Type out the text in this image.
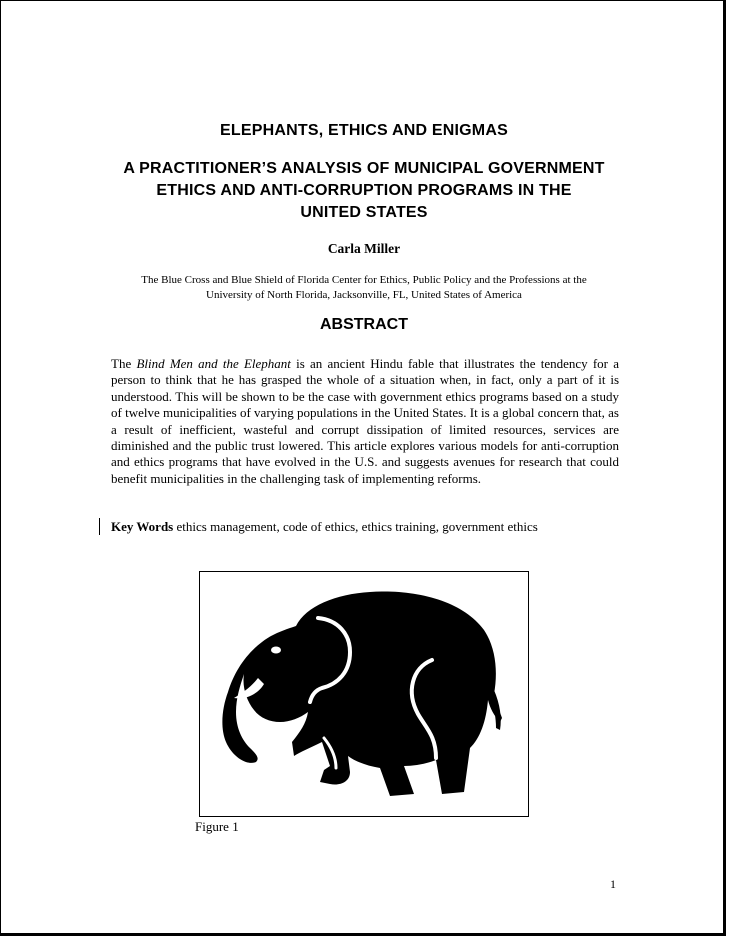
ELEPHANTS, ETHICS AND ENIGMAS
A PRACTITIONER’S ANALYSIS OF MUNICIPAL GOVERNMENT
ETHICS AND ANTI-CORRUPTION PROGRAMS IN THE
UNITED STATES
Carla Miller
The Blue Cross and Blue Shield of Florida Center for Ethics, Public Policy and the Professions at the
University of North Florida, Jacksonville, FL, United States of America
ABSTRACT
The Blind Men and the Elephant is an ancient Hindu fable that illustrates the tendency for a person to think that he has grasped the whole of a situation when, in fact, only a part of it is understood. This will be shown to be the case with government ethics programs based on a study of twelve municipalities of varying populations in the United States. It is a global concern that, as a result of inefficient, wasteful and corrupt dissipation of limited resources, services are diminished and the public trust lowered. This article explores various models for anti-corruption and ethics programs that have evolved in the U.S. and suggests avenues for research that could benefit municipalities in the challenging task of implementing reforms.
Key Words ethics management, code of ethics, ethics training, government ethics
Figure 1
1
